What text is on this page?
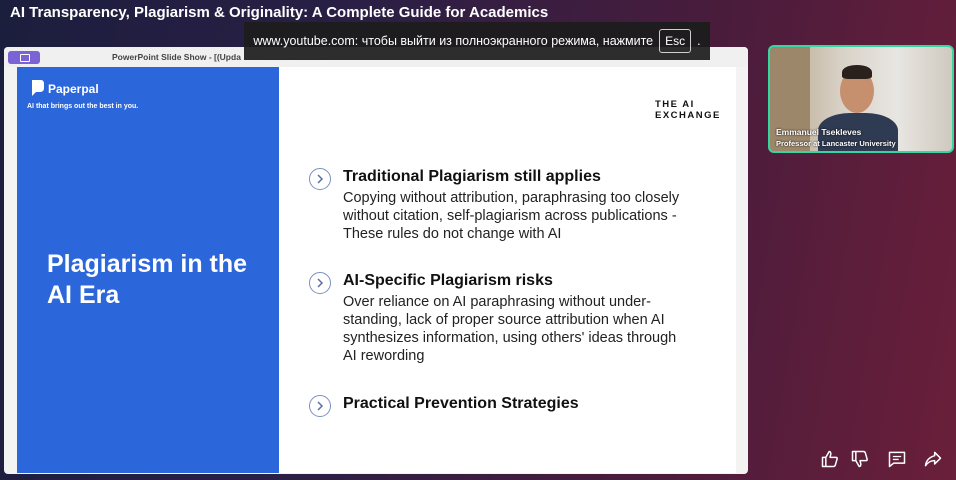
AI Transparency, Plagiarism & Originality: A Complete Guide for Academics
www.youtube.com: чтобы выйти из полноэкранного режима, нажмите	Esc .
PowerPoint Slide Show - [(Upda
Paperpal
AI that brings out the best in you.
Plagiarism in the AI Era
THE AI
EXCHANGE
Traditional Plagiarism still applies
Copying without attribution, paraphrasing too closely
without citation, self-plagiarism across publications -
These rules do not change with AI
AI-Specific Plagiarism risks
Over reliance on AI paraphrasing without under-
standing, lack of proper source attribution when AI
synthesizes information, using others' ideas through
AI rewording
Practical Prevention Strategies
Emmanuel Tsekleves
Professor at Lancaster University
